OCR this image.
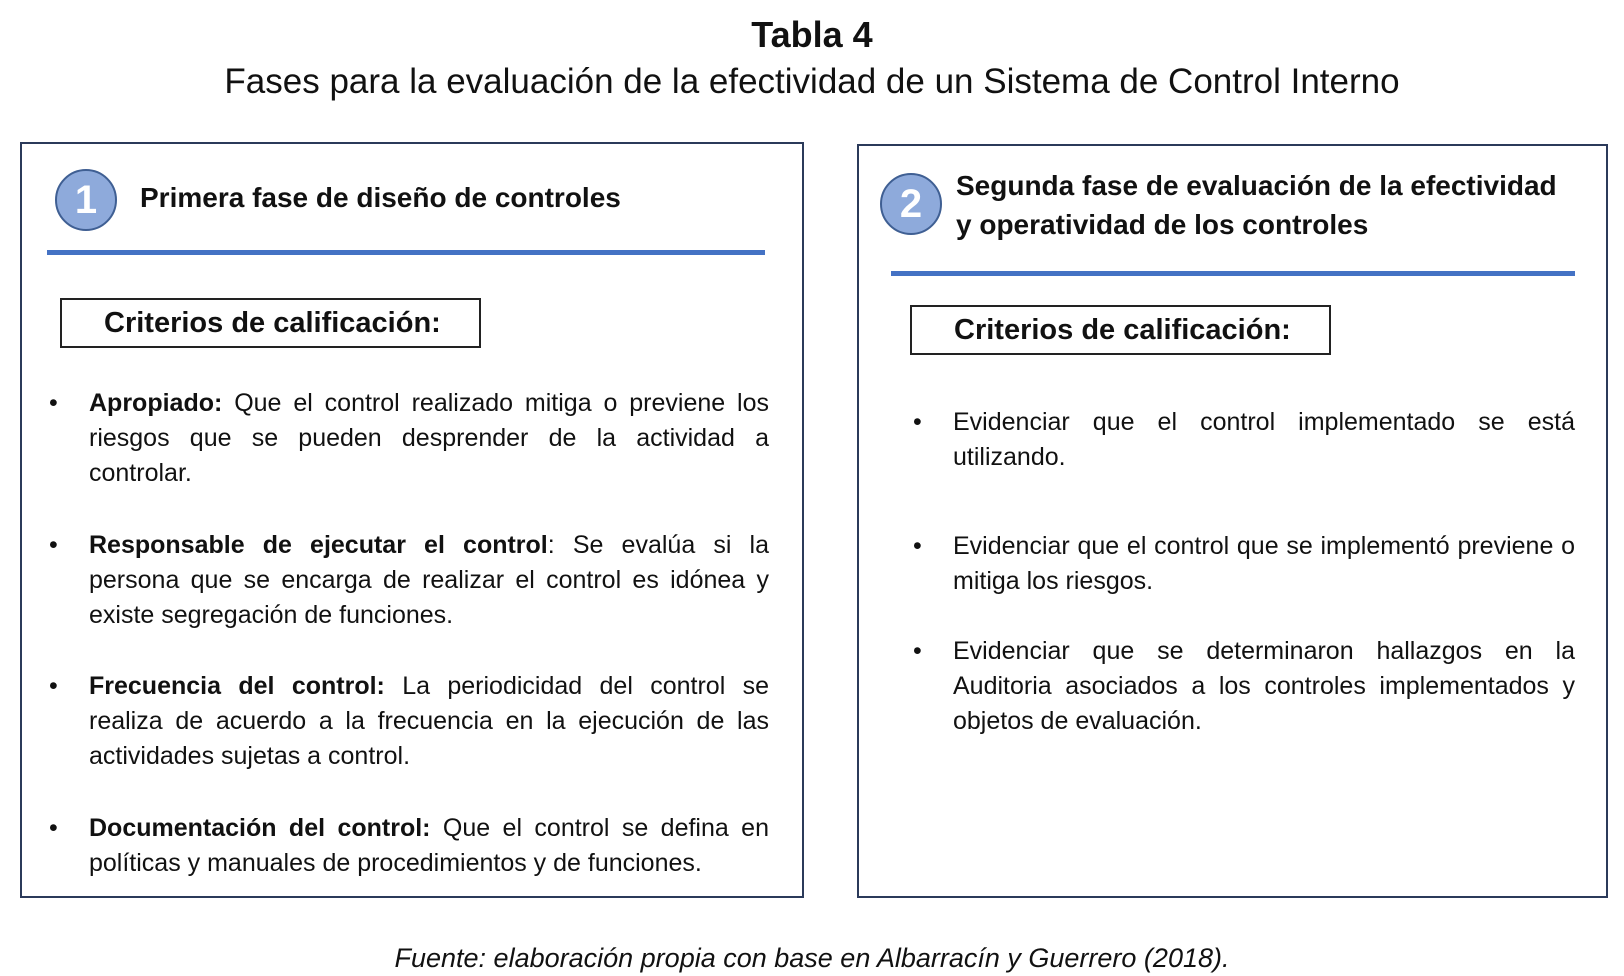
Tabla 4
Fases para la evaluación de la efectividad de un Sistema de Control Interno
1	Primera fase de diseño de controles
Criterios de calificación:
• Apropiado: Que el control realizado mitiga o previene los riesgos que se pueden desprender de la actividad a controlar.
• Responsable de ejecutar el control: Se evalúa si la persona que se encarga de realizar el control es idónea y existe segregación de funciones.
• Frecuencia del control: La periodicidad del control se realiza de acuerdo a la frecuencia en la ejecución de las actividades sujetas a control.
• Documentación del control: Que el control se defina en políticas y manuales de procedimientos y de funciones.
2	Segunda fase de evaluación de la efectividad
y operatividad de los controles
Criterios de calificación:
• Evidenciar que el control implementado se está utilizando.
• Evidenciar que el control que se implementó previene o mitiga los riesgos.
• Evidenciar que se determinaron hallazgos en la Auditoria asociados a los controles implementados y objetos de evaluación.
Fuente: elaboración propia con base en Albarracín y Guerrero (2018).
